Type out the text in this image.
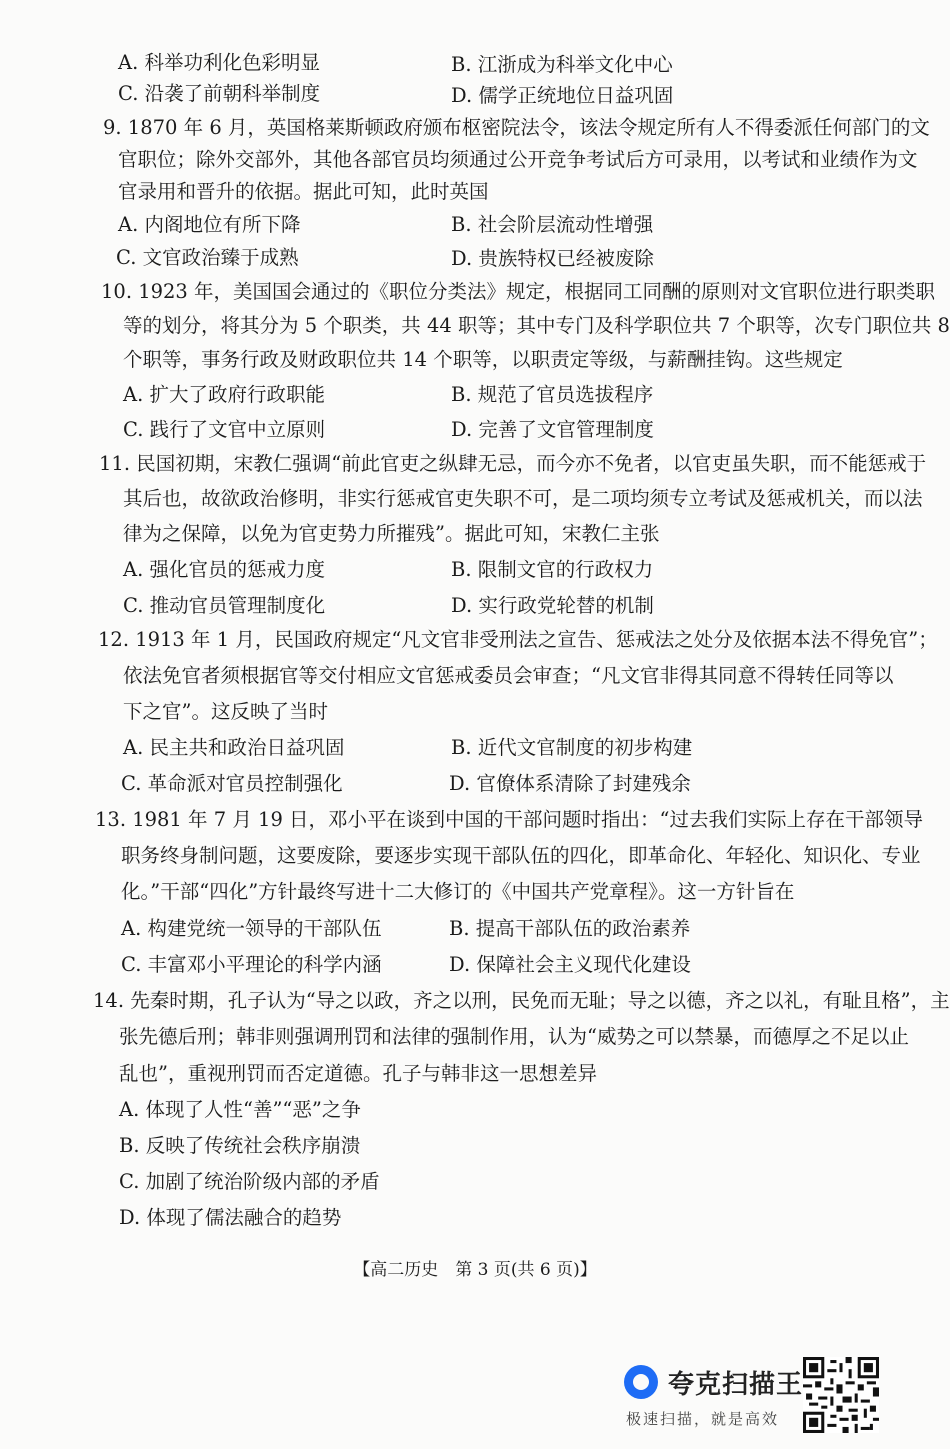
A. 科举功利化色彩明显	B. 江浙成为科举文化中心
C. 沿袭了前朝科举制度	D. 儒学正统地位日益巩固
9. 1870 年 6 月，英国格莱斯顿政府颁布枢密院法令，该法令规定所有人不得委派任何部门的文
官职位；除外交部外，其他各部官员均须通过公开竞争考试后方可录用，以考试和业绩作为文
官录用和晋升的依据。据此可知，此时英国
A. 内阁地位有所下降	B. 社会阶层流动性增强
C. 文官政治臻于成熟	D. 贵族特权已经被废除
10. 1923 年，美国国会通过的《职位分类法》规定，根据同工同酬的原则对文官职位进行职类职
等的划分，将其分为 5 个职类，共 44 职等；其中专门及科学职位共 7 个职等，次专门职位共 8
个职等，事务行政及财政职位共 14 个职等，以职责定等级，与薪酬挂钩。这些规定
A. 扩大了政府行政职能	B. 规范了官员选拔程序
C. 践行了文官中立原则	D. 完善了文官管理制度
11. 民国初期，宋教仁强调“前此官吏之纵肆无忌，而今亦不免者，以官吏虽失职，而不能惩戒于
其后也，故欲政治修明，非实行惩戒官吏失职不可，是二项均须专立考试及惩戒机关，而以法
律为之保障，以免为官吏势力所摧残”。据此可知，宋教仁主张
A. 强化官员的惩戒力度	B. 限制文官的行政权力
C. 推动官员管理制度化	D. 实行政党轮替的机制
12. 1913 年 1 月，民国政府规定“凡文官非受刑法之宣告、惩戒法之处分及依据本法不得免官”；
依法免官者须根据官等交付相应文官惩戒委员会审查；“凡文官非得其同意不得转任同等以
下之官”。这反映了当时
A. 民主共和政治日益巩固	B. 近代文官制度的初步构建
C. 革命派对官员控制强化	D. 官僚体系清除了封建残余
13. 1981 年 7 月 19 日，邓小平在谈到中国的干部问题时指出：“过去我们实际上存在干部领导
职务终身制问题，这要废除，要逐步实现干部队伍的四化，即革命化、年轻化、知识化、专业
化。”干部“四化”方针最终写进十二大修订的《中国共产党章程》。这一方针旨在
A. 构建党统一领导的干部队伍	B. 提高干部队伍的政治素养
C. 丰富邓小平理论的科学内涵	D. 保障社会主义现代化建设
14. 先秦时期，孔子认为“导之以政，齐之以刑，民免而无耻；导之以德，齐之以礼，有耻且格”，主
张先德后刑；韩非则强调刑罚和法律的强制作用，认为“威势之可以禁暴，而德厚之不足以止
乱也”，重视刑罚而否定道德。孔子与韩非这一思想差异
A. 体现了人性“善”“恶”之争
B. 反映了传统社会秩序崩溃
C. 加剧了统治阶级内部的矛盾
D. 体现了儒法融合的趋势
【高二历史　第 3 页(共 6 页)】
夸克扫描王
极速扫描，就是高效
